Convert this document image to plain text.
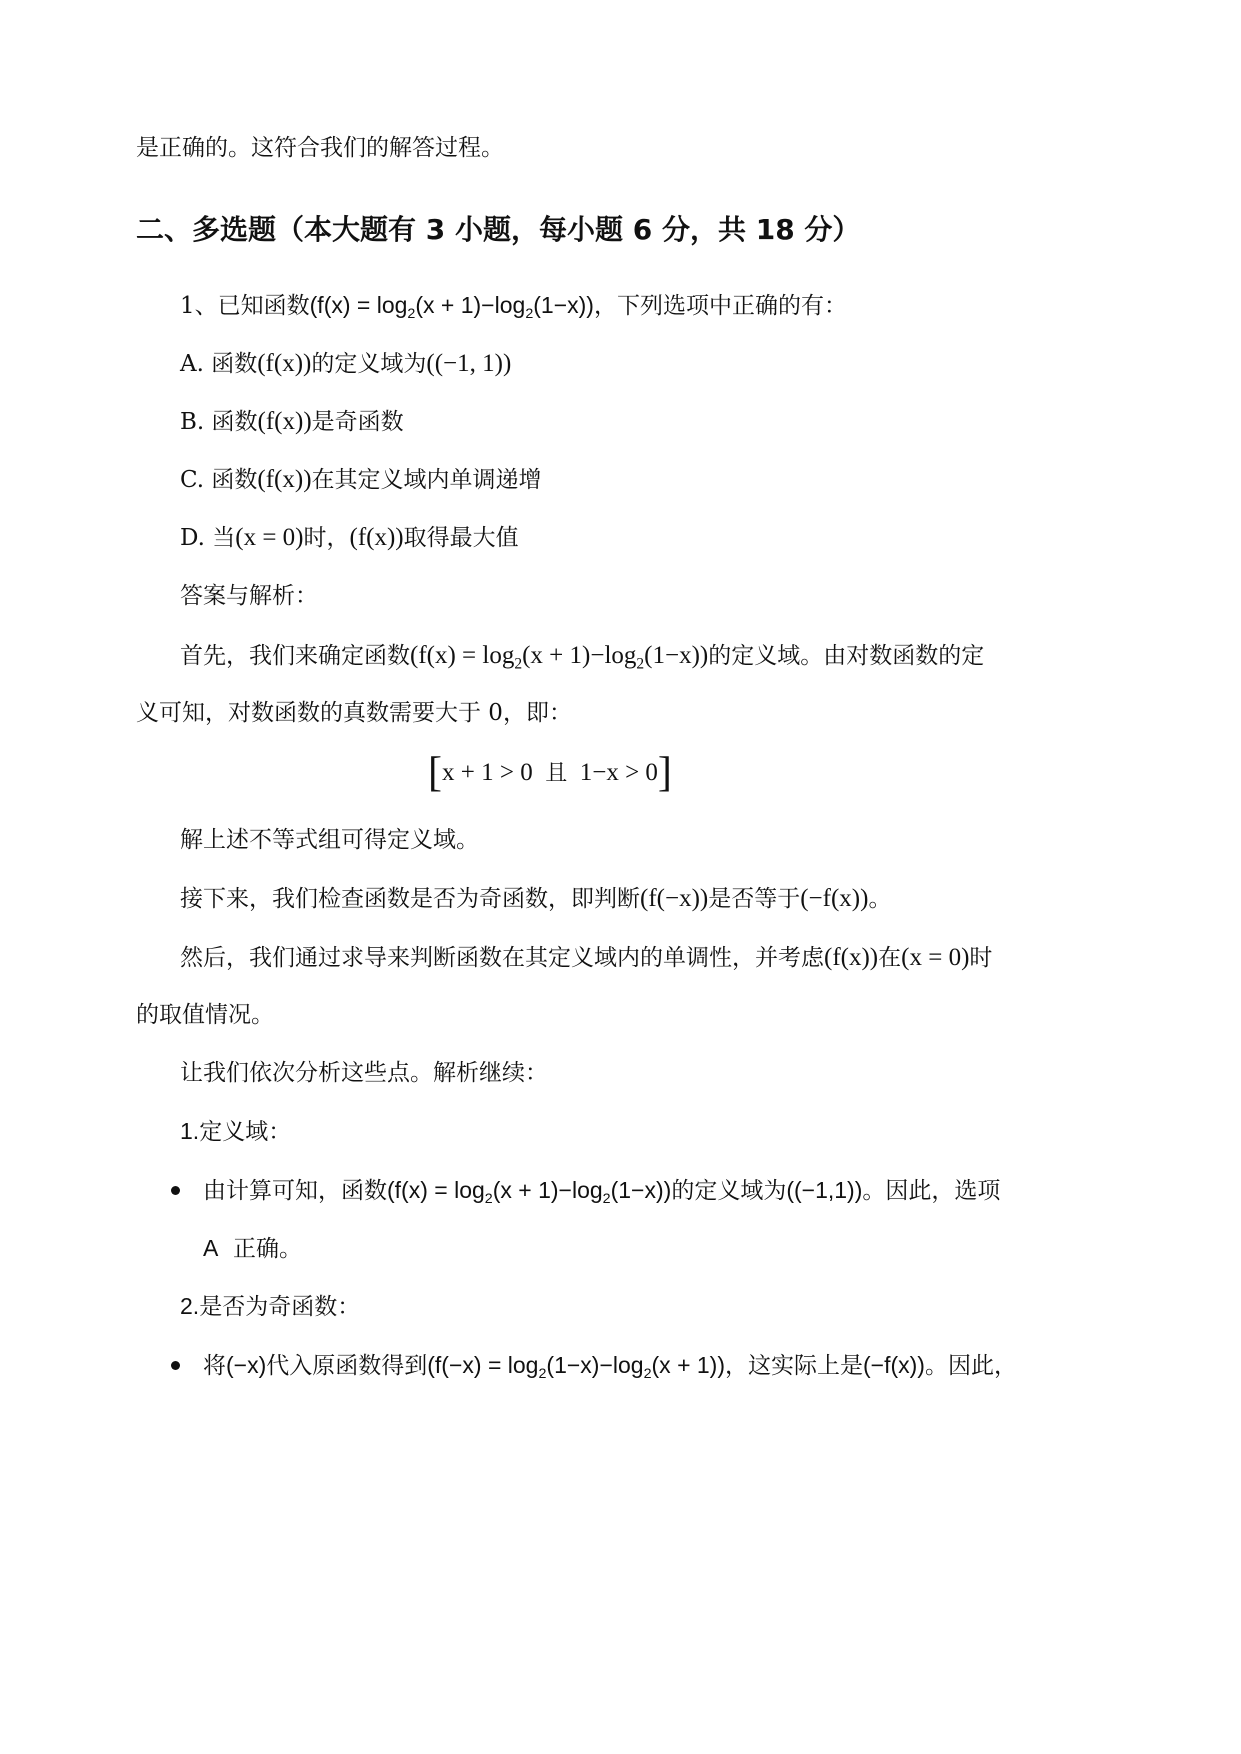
是正确的。这符合我们的解答过程。
二、多选题（本大题有 3 小题，每小题 6 分，共 18 分）
1、已知函数$(f(x) = \log_2(x + 1)-\log_2(1-x))$，下列选项中正确的有：
A. 函数(f(x))的定义域为((−1, 1))
B. 函数(f(x))是奇函数
C. 函数(f(x))在其定义域内单调递增
D. 当(x = 0)时，(f(x))取得最大值
答案与解析：
首先，我们来确定函数$(f(x) = \log_2(x + 1)-\log_2(1-x))$的定义域。由对数函数的定
义可知，对数函数的真数需要大于 0，即：
[x + 1 > 0 且 1−x > 0]
解上述不等式组可得定义域。
接下来，我们检查函数是否为奇函数，即判断(f(−x))是否等于(−f(x))。
然后，我们通过求导来判断函数在其定义域内的单调性，并考虑(f(x))在(x = 0)时
的取值情况。
让我们依次分析这些点。解析继续：
1.定义域：
由计算可知，函数$(f(x) = \log_2(x + 1)-\log_2(1-x))$的定义域为((−1,1))。因此，选项
A 正确。
2.是否为奇函数：
将(−x)代入原函数得到$(f(-x) = \log_2(1-x)-\log_2(x + 1))$，这实际上是(−f(x))。因此，
